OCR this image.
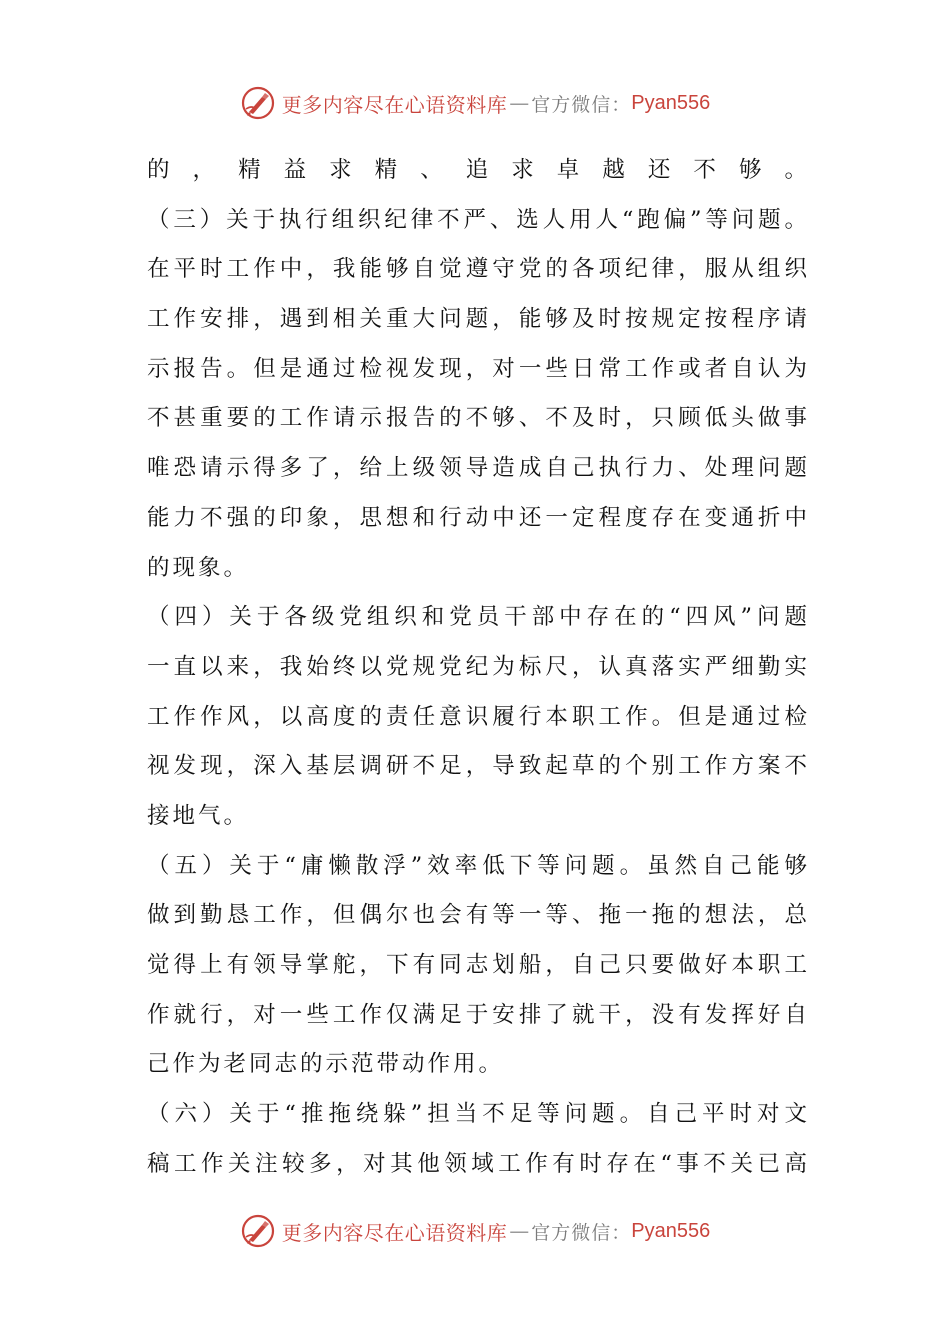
更多内容尽在心语资料库 — 官方微信： Pyan556
的，精益求精、追求卓越还不够。
（三）关于执行组织纪律不严、选人用人“跑偏”等问题。
在平时工作中，我能够自觉遵守党的各项纪律，服从组织
工作安排，遇到相关重大问题，能够及时按规定按程序请
示报告。但是通过检视发现，对一些日常工作或者自认为
不甚重要的工作请示报告的不够、不及时，只顾低头做事
唯恐请示得多了，给上级领导造成自己执行力、处理问题
能力不强的印象，思想和行动中还一定程度存在变通折中
的现象。
（四）关于各级党组织和党员干部中存在的“四风”问题
一直以来，我始终以党规党纪为标尺，认真落实严细勤实
工作作风，以高度的责任意识履行本职工作。但是通过检
视发现，深入基层调研不足，导致起草的个别工作方案不
接地气。
（五）关于“庸懒散浮”效率低下等问题。虽然自己能够
做到勤恳工作，但偶尔也会有等一等、拖一拖的想法，总
觉得上有领导掌舵，下有同志划船，自己只要做好本职工
作就行，对一些工作仅满足于安排了就干，没有发挥好自
己作为老同志的示范带动作用。
（六）关于“推拖绕躲”担当不足等问题。自己平时对文
稿工作关注较多，对其他领域工作有时存在“事不关已高
更多内容尽在心语资料库 — 官方微信： Pyan556
